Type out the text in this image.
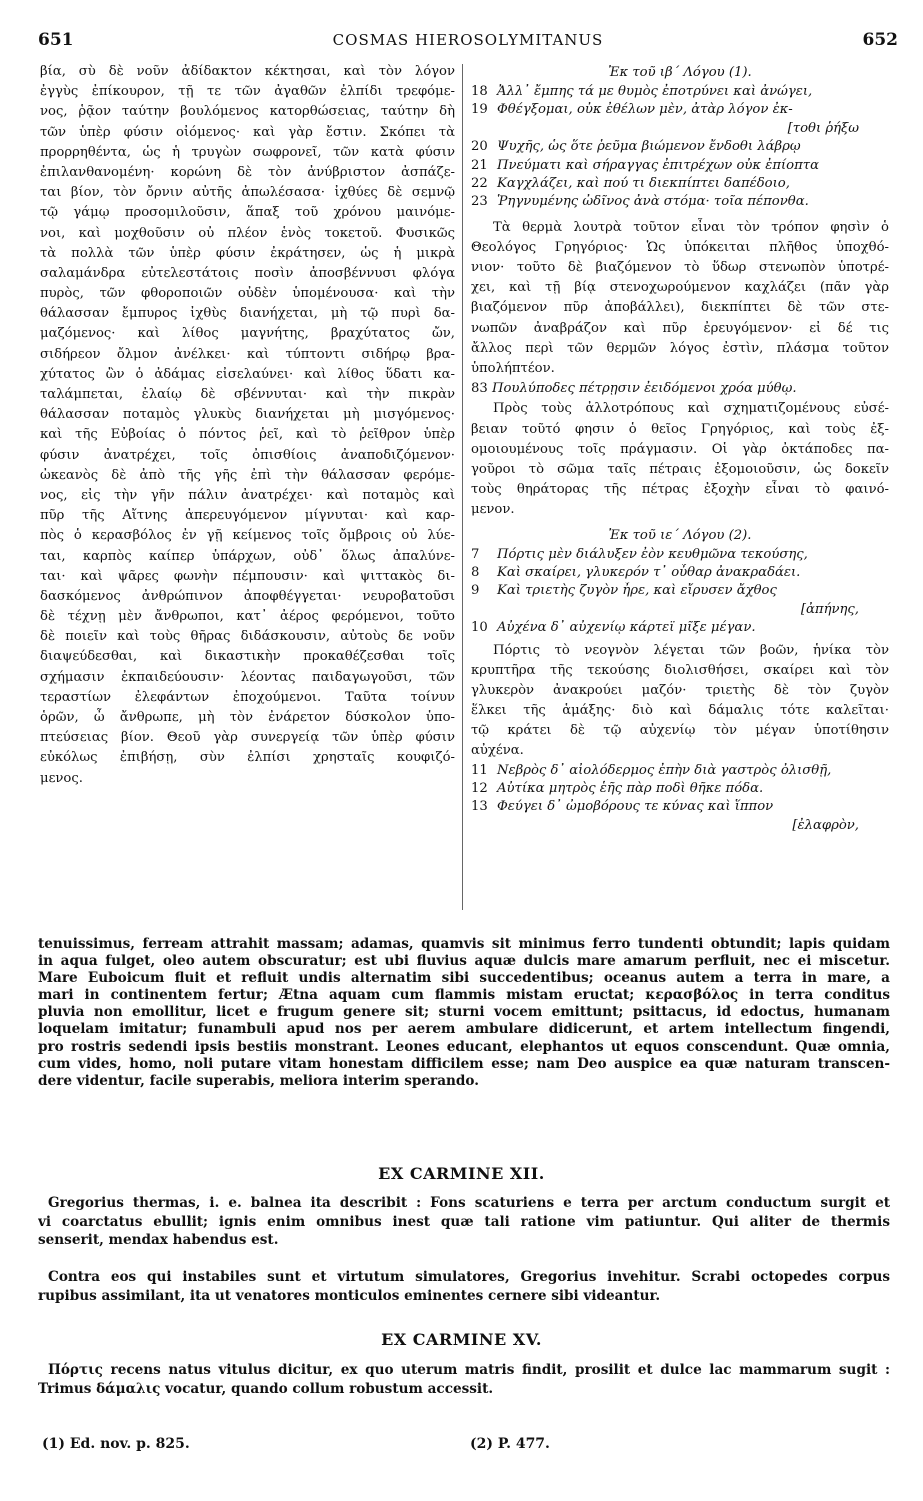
651	COSMAS HIEROSOLYMITANUS	652
βία, σὺ δὲ νοῦν ἀδίδακτον κέκτησαι, καὶ τὸν λόγον
ἐγγὺς ἐπίκουρον, τῇ τε τῶν ἀγαθῶν ἐλπίδι τρεφόμε-
νος, ῥᾷον ταύτην βουλόμενος κατορθώσειας, ταύτην δὴ
τῶν ὑπὲρ φύσιν οἰόμενος· καὶ γὰρ ἔστιν. Σκόπει τὰ
προρρηθέντα, ὡς ἡ τρυγὼν σωφρονεῖ, τῶν κατὰ φύσιν
ἐπιλανθανομένη· κορώνη δὲ τὸν ἀνύβριστον ἀσπάζε-
ται βίον, τὸν ὄρνιν αὐτῆς ἀπωλέσασα· ἰχθύες δὲ σεμνῷ
τῷ γάμῳ προσομιλοῦσιν, ἅπαξ τοῦ χρόνου μαινόμε-
νοι, καὶ μοχθοῦσιν οὐ πλέον ἑνὸς τοκετοῦ. Φυσικῶς
τὰ πολλὰ τῶν ὑπὲρ φύσιν ἐκράτησεν, ὡς ἡ μικρὰ
σαλαμάνδρα εὐτελεστάτοις ποσὶν ἀποσβέννυσι φλόγα
πυρὸς, τῶν φθοροποιῶν οὐδὲν ὑπομένουσα· καὶ τὴν
θάλασσαν ἔμπυρος ἰχθὺς διανήχεται, μὴ τῷ πυρὶ δα-
μαζόμενος· καὶ λίθος μαγνήτης, βραχύτατος ὤν,
σιδήρεον ὄλμον ἀνέλκει· καὶ τύπτοντι σιδήρῳ βρα-
χύτατος ὢν ὁ ἀδάμας εἰσελαύνει· καὶ λίθος ὕδατι κα-
ταλάμπεται, ἐλαίῳ δὲ σβέννυται· καὶ τὴν πικρὰν
θάλασσαν ποταμὸς γλυκὺς διανήχεται μὴ μισγόμενος·
καὶ τῆς Εὐβοίας ὁ πόντος ῥεῖ, καὶ τὸ ῥεῖθρον ὑπὲρ
φύσιν ἀνατρέχει, τοῖς ὀπισθίοις ἀναποδιζόμενον·
ὠκεανὸς δὲ ἀπὸ τῆς γῆς ἐπὶ τὴν θάλασσαν φερόμε-
νος, εἰς τὴν γῆν πάλιν ἀνατρέχει· καὶ ποταμὸς καὶ
πῦρ τῆς Αἴτνης ἀπερευγόμενον μίγνυται· καὶ καρ-
πὸς ὁ κερασβόλος ἐν γῇ κείμενος τοῖς ὄμβροις οὐ λύε-
ται, καρπὸς καίπερ ὑπάρχων, οὐδ᾽ ὅλως ἀπαλύνε-
ται· καὶ ψᾶρες φωνὴν πέμπουσιν· καὶ ψιττακὸς δι-
δασκόμενος ἀνθρώπινον ἀποφθέγγεται· νευροβατοῦσι
δὲ τέχνῃ μὲν ἄνθρωποι, κατ᾽ ἀέρος φερόμενοι, τοῦτο
δὲ ποιεῖν καὶ τοὺς θῆρας διδάσκουσιν, αὐτοὺς δε νοῦν
διαψεύδεσθαι, καὶ δικαστικὴν προκαθέζεσθαι τοῖς
σχήμασιν ἐκπαιδεύουσιν· λέοντας παιδαγωγοῦσι, τῶν
τεραστίων ἐλεφάντων ἐποχούμενοι. Ταῦτα τοίνυν
ὁρῶν, ὦ ἄνθρωπε, μὴ τὸν ἐνάρετον δύσκολον ὑπο-
πτεύσειας βίον. Θεοῦ γὰρ συνεργείᾳ τῶν ὑπὲρ φύσιν
εὐκόλως ἐπιβήσῃ, σὺν ἐλπίσι χρησταῖς κουφιζό-
μενος.
Ἐκ τοῦ ιβ´ Λόγου (1).
18 Ἀλλ᾽ ἔμπης τά με θυμὸς ἐποτρύνει καὶ ἀνώγει,
19 Φθέγξομαι, οὐκ ἐθέλων μὲν, ἀτὰρ λόγον ἐκ-
[τοθι ῥήξω
20 Ψυχῆς, ὡς ὅτε ῥεῦμα βιώμενον ἔνδοθι λάβρῳ
21 Πνεύματι καὶ σήραγγας ἐπιτρέχων οὐκ ἐπίοπτα
22 Καγχλάζει, καὶ πού τι διεκπίπτει δαπέδοιο,
23 Ῥηγνυμένης ὠδῖνος ἀνὰ στόμα· τοῖα πέπονθα.
Τὰ θερμὰ λουτρὰ τοῦτον εἶναι τὸν τρόπον φησὶν ὁ
Θεολόγος Γρηγόριος· Ὡς ὑπόκειται πλῆθος ὑποχθό-
νιον· τοῦτο δὲ βιαζόμενον τὸ ὕδωρ στενωπὸν ὑποτρέ-
χει, καὶ τῇ βίᾳ στενοχωρούμενον καχλάζει (πᾶν γὰρ
βιαζόμενον πῦρ ἀποβάλλει), διεκπίπτει δὲ τῶν στε-
νωπῶν ἀναβράζον καὶ πῦρ ἐρευγόμενον· εἰ δέ τις
ἄλλος περὶ τῶν θερμῶν λόγος ἐστὶν, πλάσμα τοῦτον
ὑπολήπτέον.
83 Πουλύποδες πέτρῃσιν ἐειδόμενοι χρόα μύθῳ.
Πρὸς τοὺς ἀλλοτρόπους καὶ σχηματιζομένους εὐσέ-
βειαν τοῦτό φησιν ὁ θεῖος Γρηγόριος, καὶ τοὺς ἐξ-
ομοιουμένους τοῖς πράγμασιν. Οἱ γὰρ ὀκτάποδες πα-
γοῦροι τὸ σῶμα ταῖς πέτραις ἐξομοιοῦσιν, ὡς δοκεῖν
τοὺς θηράτορας τῆς πέτρας ἐξοχὴν εἶναι τὸ φαινό-
μενον.
Ἐκ τοῦ ιε´ Λόγου (2).
7 Πόρτις μὲν διάλυξεν ἐὸν κευθμῶνα τεκούσης,
8 Καὶ σκαίρει, γλυκερόν τ᾽ οὖθαρ ἀνακραδάει.
9 Καὶ τριετὴς ζυγὸν ἦρε, καὶ εἴρυσεν ἄχθος
[ἀπήνης,
10 Αὐχένα δ᾽ αὐχενίῳ κάρτεϊ μῖξε μέγαν.
Πόρτις τὸ νεογνὸν λέγεται τῶν βοῶν, ἡνίκα τὸν
κρυπτῆρα τῆς τεκούσης διολισθήσει, σκαίρει καὶ τὸν
γλυκερὸν ἀνακρούει μαζόν· τριετὴς δὲ τὸν ζυγὸν
ἕλκει τῆς ἁμάξης· διὸ καὶ δάμαλις τότε καλεῖται·
τῷ κράτει δὲ τῷ αὐχενίῳ τὸν μέγαν ὑποτίθησιν
αὐχένα.
11 Νεβρὸς δ᾽ αἰολόδερμος ἐπὴν διὰ γαστρὸς ὀλισθῇ,
12 Αὐτίκα μητρὸς ἑῆς πὰρ ποδὶ θῆκε πόδα.
13 Φεύγει δ᾽ ὠμοβόρους τε κύνας καὶ ἵππον
[ἐλαφρὸν,
tenuissimus, ferream attrahit massam; adamas, quamvis sit minimus ferro tundenti obtundit; lapis quidam
in aqua fulget, oleo autem obscuratur; est ubi fluvius aquæ dulcis mare amarum perfluit, nec ei miscetur.
Mare Euboicum fluit et refluit undis alternatim sibi succedentibus; oceanus autem a terra in mare, a
mari in continentem fertur; Ætna aquam cum flammis mistam eructat; κερασβόλος in terra conditus
pluvia non emollitur, licet e frugum genere sit; sturni vocem emittunt; psittacus, id edoctus, humanam
loquelam imitatur; funambuli apud nos per aerem ambulare didicerunt, et artem intellectum fingendi,
pro rostris sedendi ipsis bestiis monstrant. Leones educant, elephantos ut equos conscendunt. Quæ omnia,
cum vides, homo, noli putare vitam honestam difficilem esse; nam Deo auspice ea quæ naturam transcen-
dere videntur, facile superabis, meliora interim sperando.
EX CARMINE XII.
Gregorius thermas, i. e. balnea ita describit : Fons scaturiens e terra per arctum conductum surgit et
vi coarctatus ebullit; ignis enim omnibus inest quæ tali ratione vim patiuntur. Qui aliter de thermis
senserit, mendax habendus est.
Contra eos qui instabiles sunt et virtutum simulatores, Gregorius invehitur. Scrabi octopedes corpus
rupibus assimilant, ita ut venatores monticulos eminentes cernere sibi videantur.
EX CARMINE XV.
Πόρτις recens natus vitulus dicitur, ex quo uterum matris findit, prosilit et dulce lac mammarum sugit :
Trimus δάμαλις vocatur, quando collum robustum accessit.
(1) Ed. nov. p. 825.	(2) P. 477.
